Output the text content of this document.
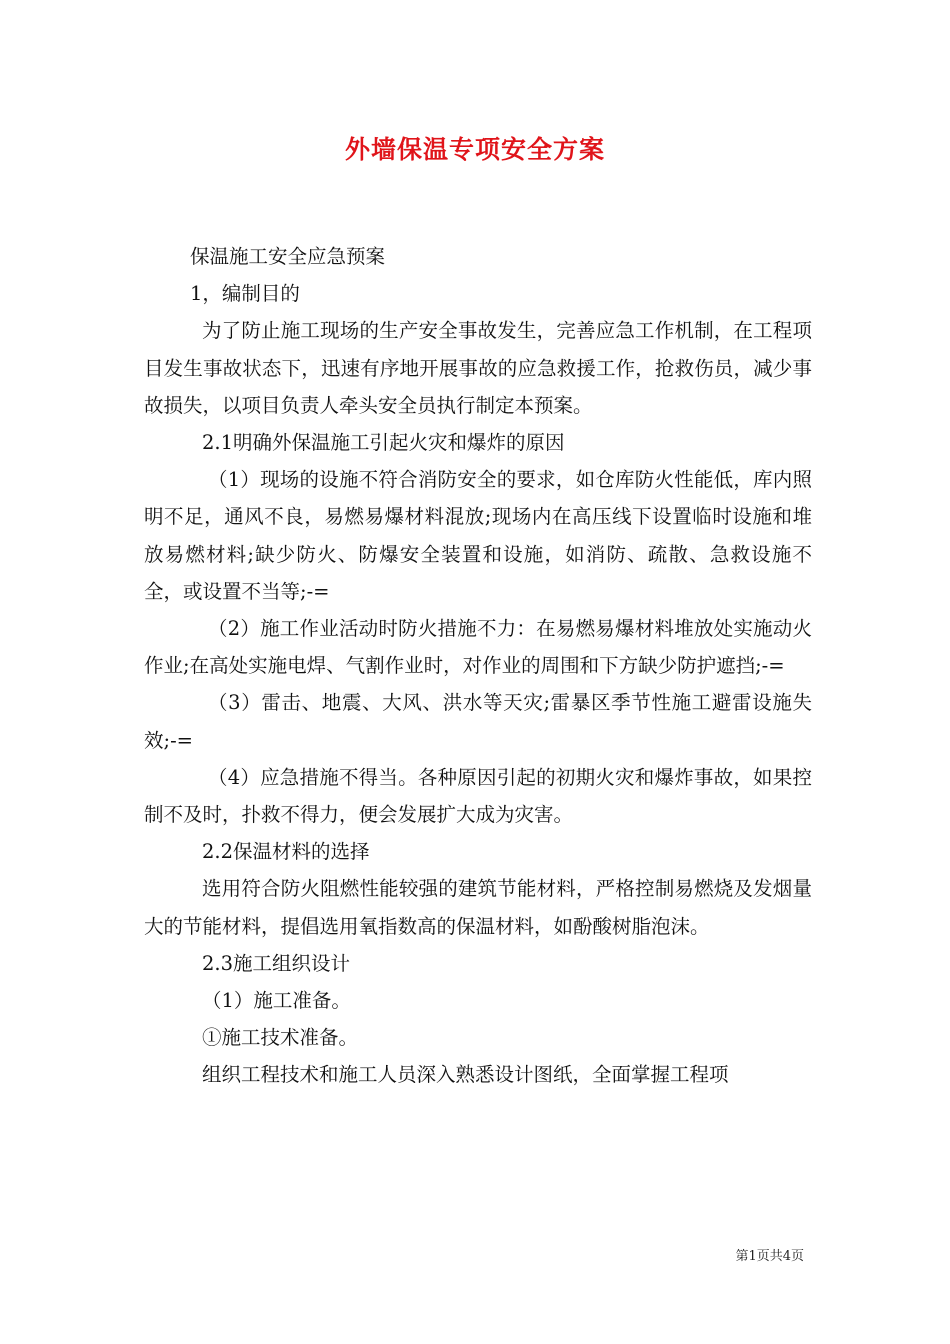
外墙保温专项安全方案

保温施工安全应急预案

1，编制目的

为了防止施工现场的生产安全事故发生，完善应急工作机制，在工程项目发生事故状态下，迅速有序地开展事故的应急救援工作，抢救伤员，减少事故损失，以项目负责人牵头安全员执行制定本预案。

2.1明确外保温施工引起火灾和爆炸的原因

（1）现场的设施不符合消防安全的要求，如仓库防火性能低，库内照明不足，通风不良，易燃易爆材料混放;现场内在高压线下设置临时设施和堆放易燃材料;缺少防火、防爆安全装置和设施，如消防、疏散、急救设施不全，或设置不当等;-=

（2）施工作业活动时防火措施不力：在易燃易爆材料堆放处实施动火作业;在高处实施电焊、气割作业时，对作业的周围和下方缺少防护遮挡;-=

（3）雷击、地震、大风、洪水等天灾;雷暴区季节性施工避雷设施失效;-=

（4）应急措施不得当。各种原因引起的初期火灾和爆炸事故，如果控制不及时，扑救不得力，便会发展扩大成为灾害。

2.2保温材料的选择

选用符合防火阻燃性能较强的建筑节能材料，严格控制易燃烧及发烟量大的节能材料，提倡选用氧指数高的保温材料，如酚酸树脂泡沫。

2.3施工组织设计

（1）施工准备。

①施工技术准备。

组织工程技术和施工人员深入熟悉设计图纸，全面掌握工程项

第1页共4页
